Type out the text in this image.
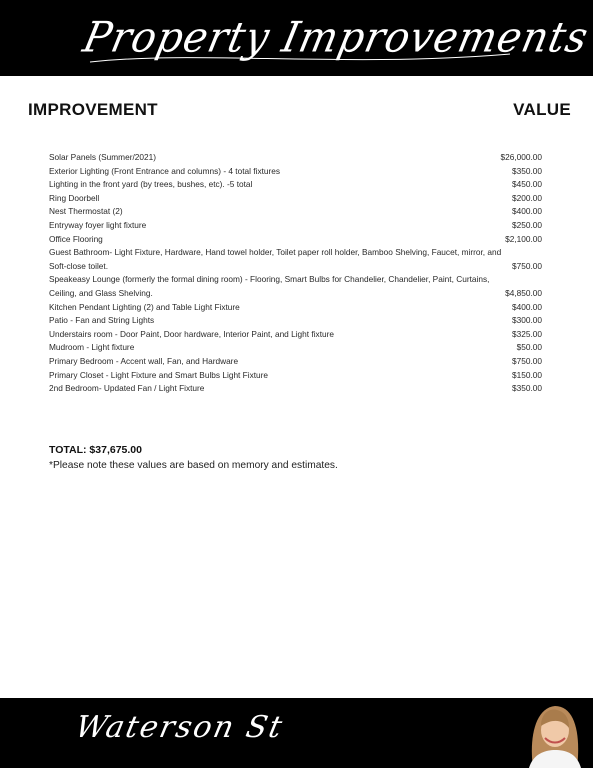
Property Improvements
IMPROVEMENT	VALUE
Solar Panels (Summer/2021)	$26,000.00
Exterior Lighting (Front Entrance and columns) - 4 total fixtures	$350.00
Lighting in the front yard (by trees, bushes, etc). -5 total	$450.00
Ring Doorbell	$200.00
Nest Thermostat (2)	$400.00
Entryway foyer light fixture	$250.00
Office Flooring	$2,100.00
Guest Bathroom- Light Fixture, Hardware, Hand towel holder, Toilet paper roll holder, Bamboo Shelving, Faucet, mirror, and Soft-close toilet.	$750.00
Speakeasy Lounge (formerly the formal dining room) - Flooring, Smart Bulbs for Chandelier, Chandelier, Paint, Curtains, Ceiling, and Glass Shelving.	$4,850.00
Kitchen Pendant Lighting (2) and Table Light Fixture	$400.00
Patio - Fan and String Lights	$300.00
Understairs room - Door Paint, Door hardware, Interior Paint, and Light fixture	$325.00
Mudroom - Light fixture	$50.00
Primary Bedroom - Accent wall, Fan, and Hardware	$750.00
Primary Closet - Light Fixture and Smart Bulbs Light Fixture	$150.00
2nd Bedroom- Updated Fan / Light Fixture	$350.00
TOTAL: $37,675.00
*Please note these values are based on memory and estimates.
Waterson St
